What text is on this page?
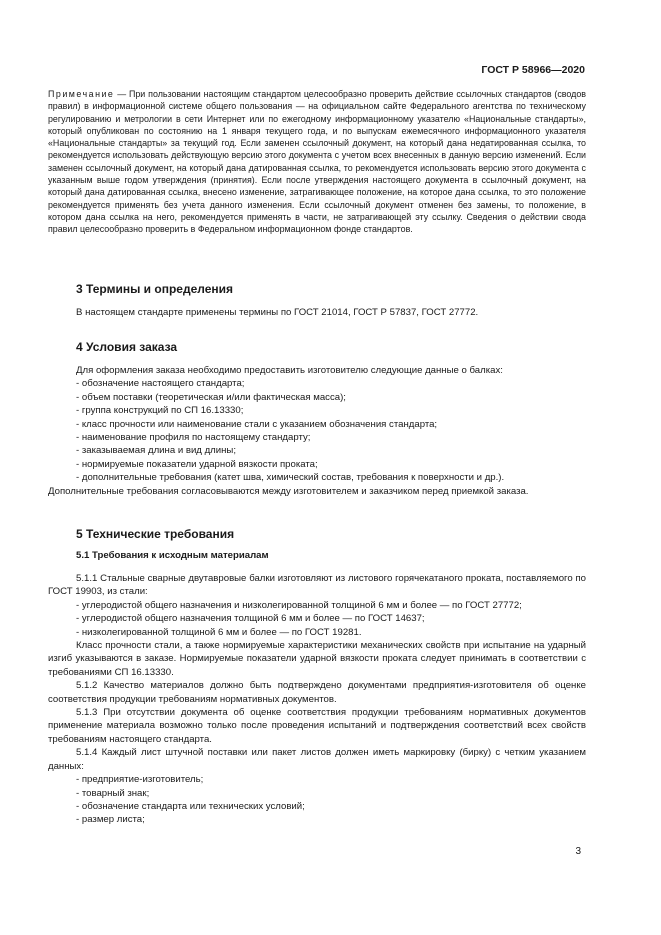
ГОСТ Р 58966—2020
Примечание — При пользовании настоящим стандартом целесообразно проверить действие ссылочных стандартов (сводов правил) в информационной системе общего пользования — на официальном сайте Федерального агентства по техническому регулированию и метрологии в сети Интернет или по ежегодному информационному указателю «Национальные стандарты», который опубликован по состоянию на 1 января текущего года, и по выпускам ежемесячного информационного указателя «Национальные стандарты» за текущий год. Если заменен ссылочный документ, на который дана недатированная ссылка, то рекомендуется использовать действующую версию этого документа с учетом всех внесенных в данную версию изменений. Если заменен ссылочный документ, на который дана датированная ссылка, то рекомендуется использовать версию этого документа с указанным выше годом утверждения (принятия). Если после утверждения настоящего документа в ссылочный документ, на который дана датированная ссылка, внесено изменение, затрагивающее положение, на которое дана ссылка, то это положение рекомендуется применять без учета данного изменения. Если ссылочный документ отменен без замены, то положение, в котором дана ссылка на него, рекомендуется применять в части, не затрагивающей эту ссылку. Сведения о действии свода правил целесообразно проверить в Федеральном информационном фонде стандартов.
3 Термины и определения

В настоящем стандарте применены термины по ГОСТ 21014, ГОСТ Р 57837, ГОСТ 27772.

4 Условия заказа

Для оформления заказа необходимо предоставить изготовителю следующие данные о балках:

- обозначение настоящего стандарта;

- объем поставки (теоретическая и/или фактическая масса);

- группа конструкций по СП 16.13330;

- класс прочности или наименование стали с указанием обозначения стандарта;

- наименование профиля по настоящему стандарту;

- заказываемая длина и вид длины;

- нормируемые показатели ударной вязкости проката;

- дополнительные требования (катет шва, химический состав, требования к поверхности и др.).

Дополнительные требования согласовываются между изготовителем и заказчиком перед приемкой заказа.

5 Технические требования
5.1 Требования к исходным материалам

5.1.1 Стальные сварные двутавровые балки изготовляют из листового горячекатаного проката, поставляемого по ГОСТ 19903, из стали:

- углеродистой общего назначения и низколегированной толщиной 6 мм и более — по ГОСТ 27772;

- углеродистой общего назначения толщиной 6 мм и более — по ГОСТ 14637;

- низколегированной толщиной 6 мм и более — по ГОСТ 19281.

Класс прочности стали, а также нормируемые характеристики механических свойств при испытание на ударный изгиб указываются в заказе. Нормируемые показатели ударной вязкости проката следует принимать в соответствии с требованиями СП 16.13330.

5.1.2 Качество материалов должно быть подтверждено документами предприятия-изготовителя об оценке соответствия продукции требованиям нормативных документов.

5.1.3 При отсутствии документа об оценке соответствия продукции требованиям нормативных документов применение материала возможно только после проведения испытаний и подтверждения соответствий всех свойств требованиям настоящего стандарта.

5.1.4 Каждый лист штучной поставки или пакет листов должен иметь маркировку (бирку) с четким указанием данных:

- предприятие-изготовитель;

- товарный знак;

- обозначение стандарта или технических условий;

- размер листа;

3
